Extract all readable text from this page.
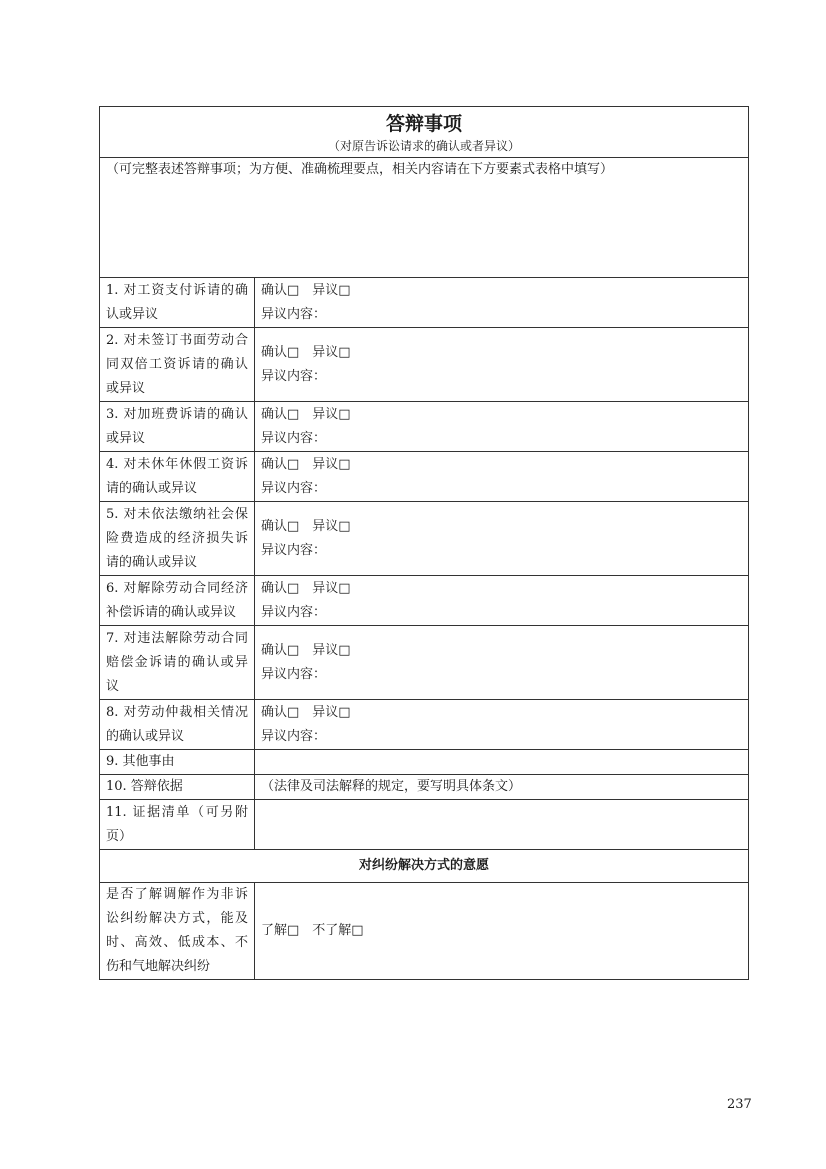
答辩事项
（对原告诉讼请求的确认或者异议）	

（可完整表述答辩事项；为方便、准确梳理要点，相关内容请在下方要素式表格中填写）	
1. 对工资支付诉请的确认或异议	确认□　异议□
异议内容：

2. 对未签订书面劳动合同双倍工资诉请的确认或异议	确认□　异议□
异议内容：

3. 对加班费诉请的确认或异议	确认□　异议□
异议内容：

4. 对未休年休假工资诉请的确认或异议	确认□　异议□
异议内容：

5. 对未依法缴纳社会保险费造成的经济损失诉请的确认或异议	确认□　异议□
异议内容：

6. 对解除劳动合同经济补偿诉请的确认或异议	确认□　异议□
异议内容：

7. 对违法解除劳动合同赔偿金诉请的确认或异议	确认□　异议□
异议内容：

8. 对劳动仲裁相关情况的确认或异议	确认□　异议□
异议内容：

9. 其他事由	
10. 答辩依据	（法律及司法解释的规定，要写明具体条文）
11. 证据清单（可另附页）	
对纠纷解决方式的意愿	
是否了解调解作为非诉讼纠纷解决方式，能及时、高效、低成本、不伤和气地解决纠纷	了解□　不了解□
237
